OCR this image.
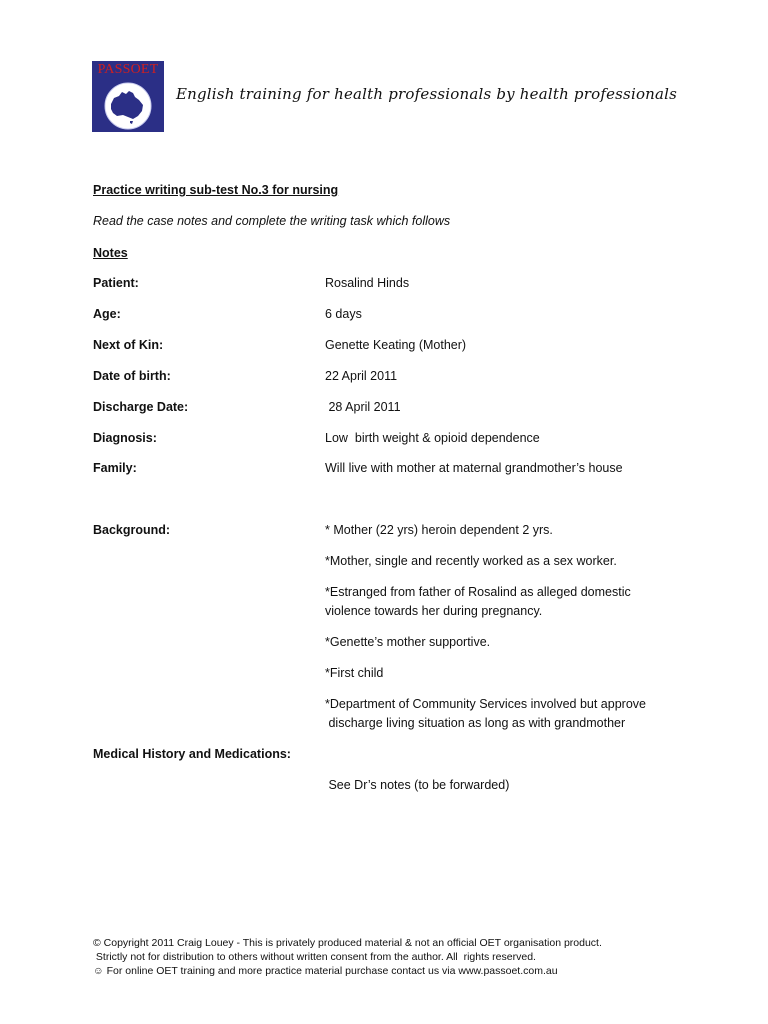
PASSOET
English training for health professionals by health professionals
Practice writing sub-test No.3 for nursing
Read the case notes and complete the writing task which follows
Notes
Patient:	Rosalind Hinds
Age:	6 days
Next of Kin:	Genette Keating (Mother)
Date of birth:	22 April 2011
Discharge Date:	28 April 2011
Diagnosis:	Low  birth weight & opioid dependence
Family:	Will live with mother at maternal grandmother’s house
Background:	* Mother (22 yrs) heroin dependent 2 yrs.
*Mother, single and recently worked as a sex worker.
*Estranged from father of Rosalind as alleged domestic
violence towards her during pregnancy.
*Genette’s mother supportive.
*First child
*Department of Community Services involved but approve
discharge living situation as long as with grandmother
Medical History and Medications:
See Dr’s notes (to be forwarded)
© Copyright 2011 Craig Louey - This is privately produced material & not an official OET organisation product.
Strictly not for distribution to others without written consent from the author. All  rights reserved.
☺ For online OET training and more practice material purchase contact us via www.passoet.com.au
